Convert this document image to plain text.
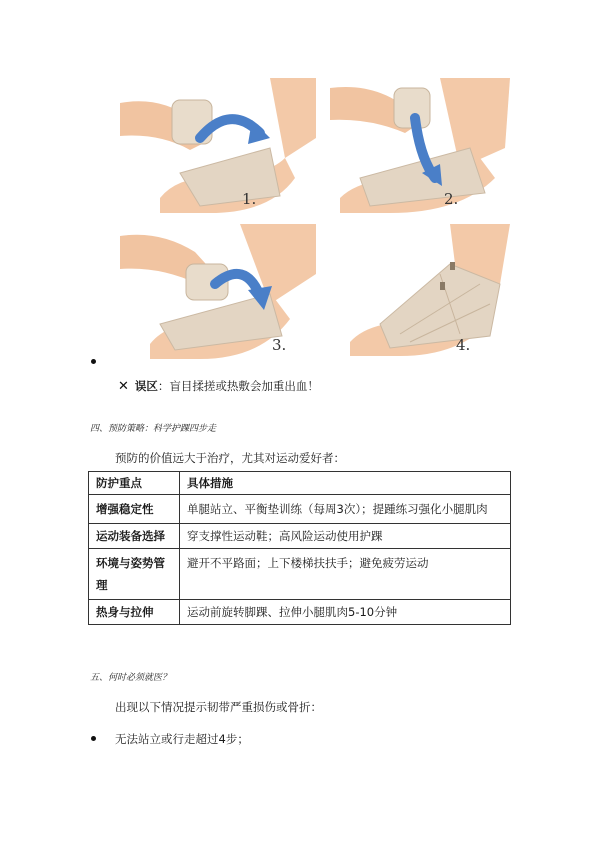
1.	2.
3.	4.
✕ 误区 ：盲目揉搓或热敷会加重出血！
四、预防策略：科学护踝四步走
预防的价值远大于治疗，尤其对运动爱好者：
防护重点	具体措施
增强稳定性	单腿站立、平衡垫训练（每周3次）；提踵练习强化小腿肌肉
运动装备选择	穿支撑性运动鞋；高风险运动使用护踝
环境与姿势管理	避开不平路面；上下楼梯扶扶手；避免疲劳运动
热身与拉伸	运动前旋转脚踝、拉伸小腿肌肉5-10分钟
五、何时必须就医？
出现以下情况提示韧带严重损伤或骨折：
无法站立或行走超过4步；
